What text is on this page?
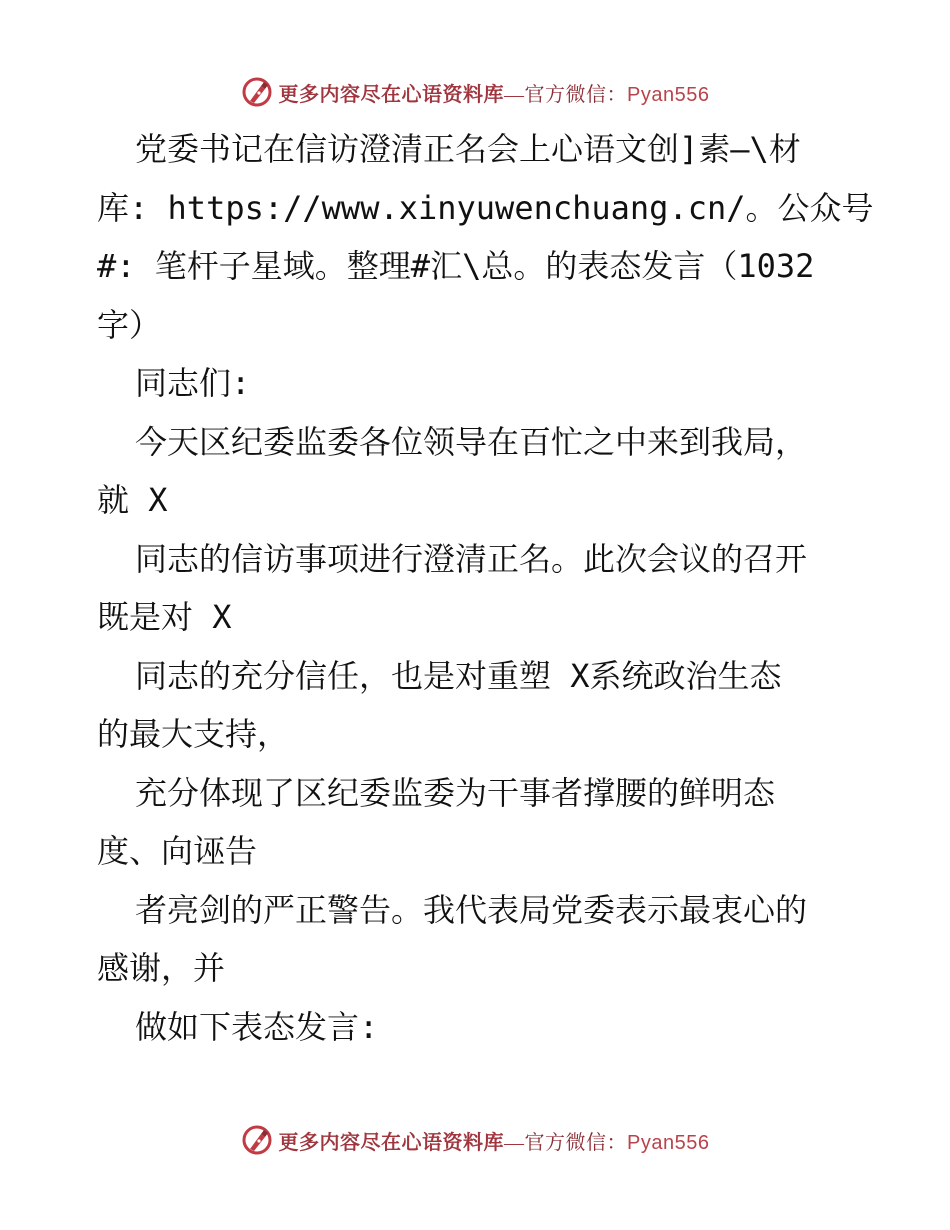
更多内容尽在心语资料库—官方微信：Pyan556
党委书记在信访澄清正名会上心语文创]素—\材
库: https://www.xinyuwenchuang.cn/。公众号
#: 笔杆子星域。整理#汇\总。的表态发言（1032
字）
同志们:
今天区纪委监委各位领导在百忙之中来到我局，
就 X
同志的信访事项进行澄清正名。此次会议的召开
既是对 X
同志的充分信任，也是对重塑 X系统政治生态
的最大支持，
充分体现了区纪委监委为干事者撑腰的鲜明态
度、向诬告
者亮剑的严正警告。我代表局党委表示最衷心的
感谢，并
做如下表态发言:
更多内容尽在心语资料库—官方微信：Pyan556
